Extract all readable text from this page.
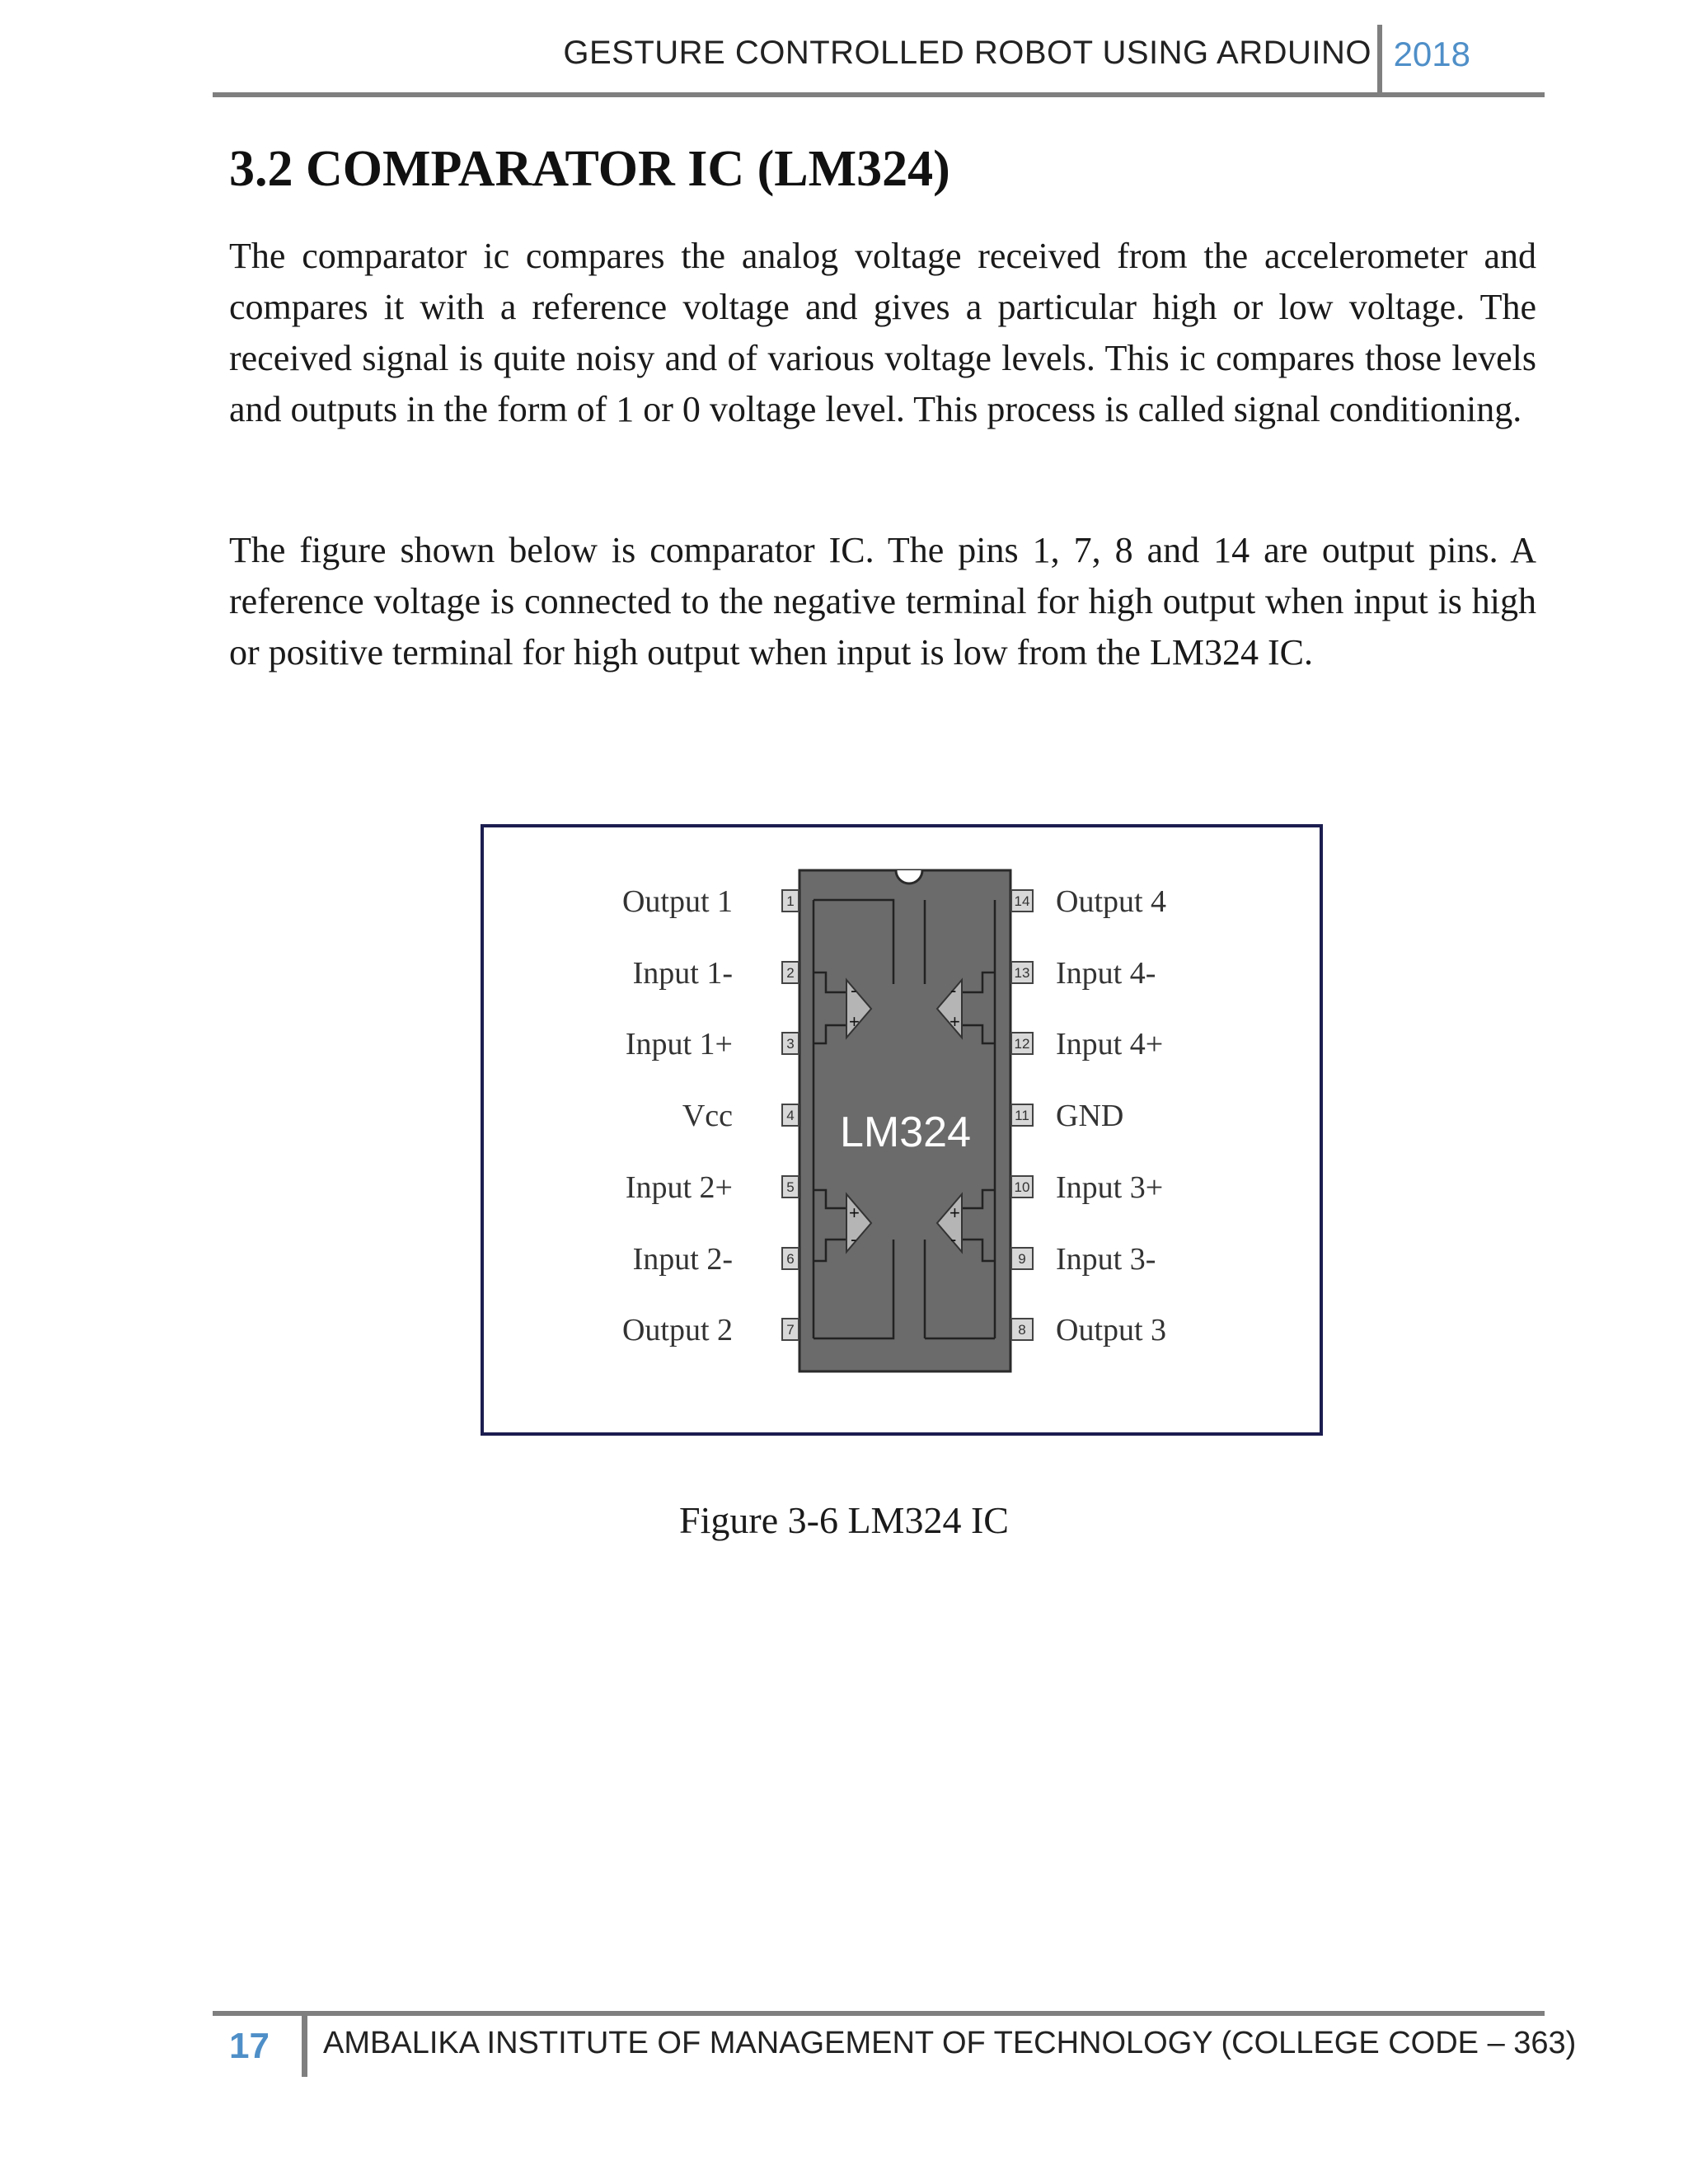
GESTURE CONTROLLED ROBOT USING ARDUINO 2018
3.2 COMPARATOR IC (LM324)

The comparator ic compares the analog voltage received from the accelerometer and compares it with a reference voltage and gives a particular high or low voltage. The received signal is quite noisy and of various voltage levels. This ic compares those levels and outputs in the form of 1 or 0 voltage level. This process is called signal conditioning.

The figure shown below is comparator IC. The pins 1, 7, 8 and 14 are output pins. A reference voltage is connected to the negative terminal for high output when input is high or positive terminal for high output when input is low from the LM324 IC.

+
-
+
-
+
-
+
-
1
2
3
4
5
6
7
14
13
12
11
10
9
8
LM324
Output 1
Input 1-
Input 1+
Vcc
Input 2+
Input 2-
Output 2
Output 4
Input 4-
Input 4+
GND
Input 3+
Input 3-
Output 3
Figure 3-6 LM324 IC
17 AMBALIKA INSTITUTE OF MANAGEMENT OF TECHNOLOGY (COLLEGE CODE – 363)
